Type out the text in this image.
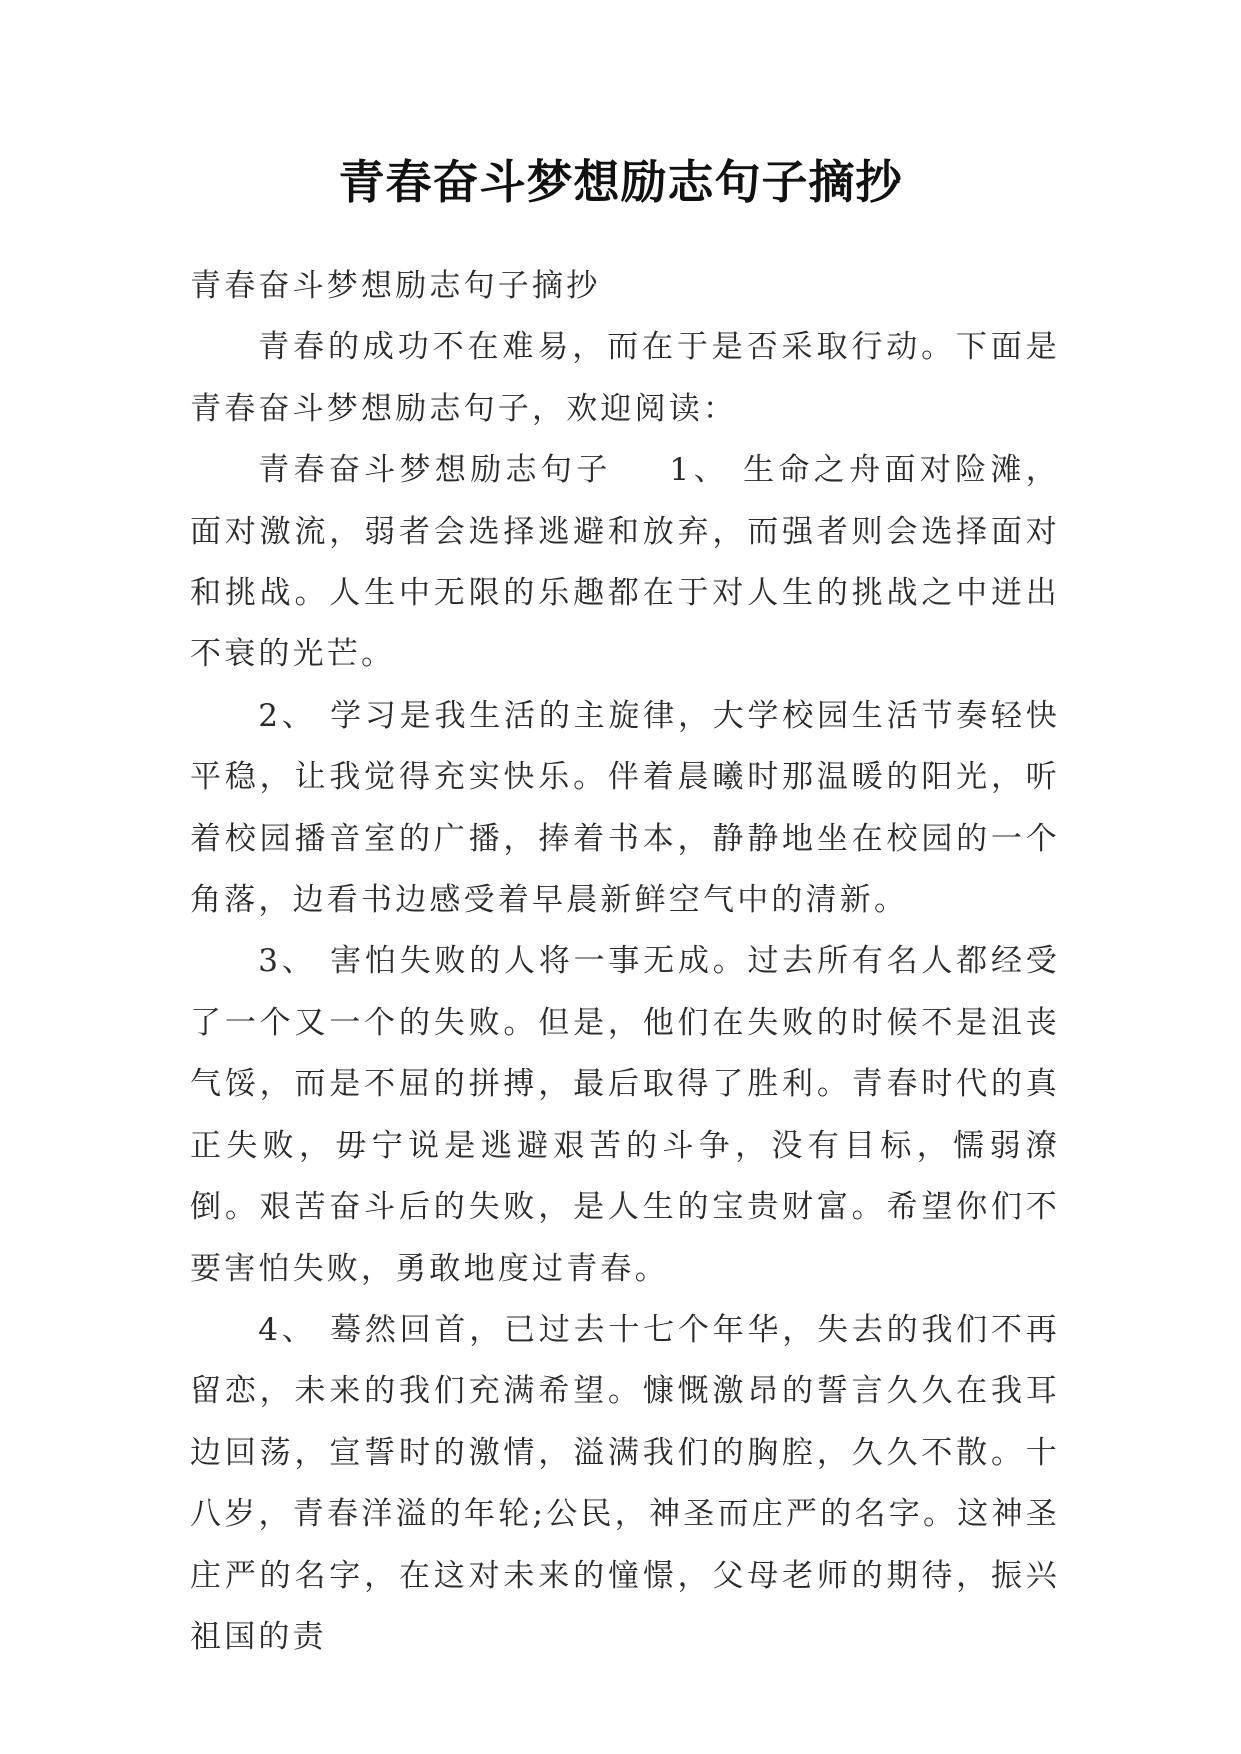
青春奋斗梦想励志句子摘抄

青春奋斗梦想励志句子摘抄

青春的成功不在难易，而在于是否采取行动。下面是青春奋斗梦想励志句子，欢迎阅读：

青春奋斗梦想励志句子 1、 生命之舟面对险滩，面对激流，弱者会选择逃避和放弃，而强者则会选择面对和挑战。人生中无限的乐趣都在于对人生的挑战之中迸出不衰的光芒。

2、 学习是我生活的主旋律，大学校园生活节奏轻快平稳，让我觉得充实快乐。伴着晨曦时那温暖的阳光，听着校园播音室的广播，捧着书本，静静地坐在校园的一个角落，边看书边感受着早晨新鲜空气中的清新。

3、 害怕失败的人将一事无成。过去所有名人都经受了一个又一个的失败。但是，他们在失败的时候不是沮丧气馁，而是不屈的拼搏，最后取得了胜利。青春时代的真正失败，毋宁说是逃避艰苦的斗争，没有目标，懦弱潦倒。艰苦奋斗后的失败，是人生的宝贵财富。希望你们不要害怕失败，勇敢地度过青春。

4、 蓦然回首，已过去十七个年华，失去的我们不再留恋，未来的我们充满希望。慷慨激昂的誓言久久在我耳边回荡，宣誓时的激情，溢满我们的胸腔，久久不散。十八岁，青春洋溢的年轮;公民，神圣而庄严的名字。这神圣庄严的名字，在这对未来的憧憬，父母老师的期待，振兴祖国的责
